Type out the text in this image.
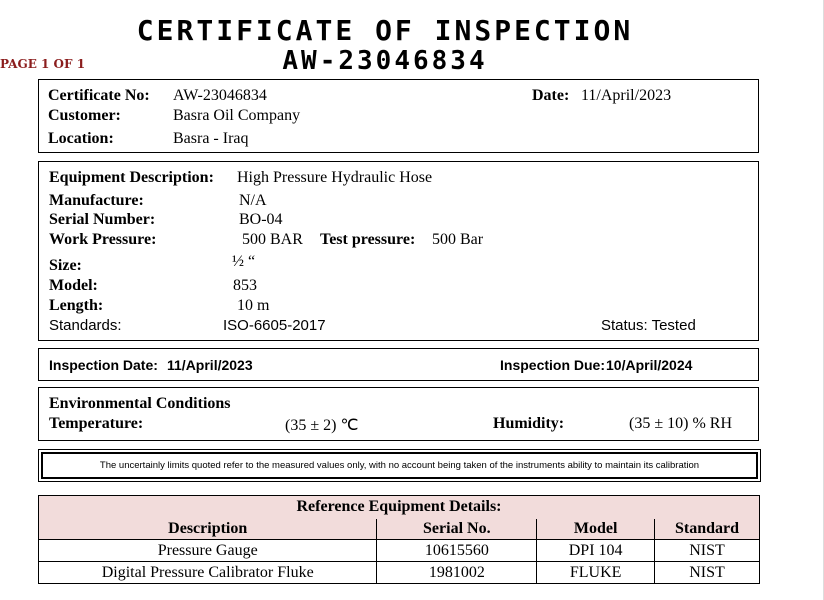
CERTIFICATE OF INSPECTION
AW-23046834
PAGE 1 OF 1
Certificate No: AW-23046834	Date: 11/April/2023
Customer:	Basra Oil Company
Location:	Basra - Iraq
Equipment Description: High Pressure Hydraulic Hose
Manufacture:	N/A
Serial Number:	BO-04
Work Pressure:	500 BAR Test pressure: 500 Bar
Size:	½ “
Model:	853
Length:	10 m
Standards:	ISO-6605-2017	Status: Tested
Inspection Date: 11/April/2023	Inspection Due: 10/April/2024
Environmental Conditions
Temperature:	(35 ± 2) ℃	Humidity:	(35 ± 10) % RH
The uncertainly limits quoted refer to the measured values only, with no account being taken of the instruments ability to maintain its calibration
Reference Equipment Details:			
Description	Serial No.	Model	Standard
Pressure Gauge	10615560	DPI 104	NIST
Digital Pressure Calibrator Fluke	1981002	FLUKE	NIST
